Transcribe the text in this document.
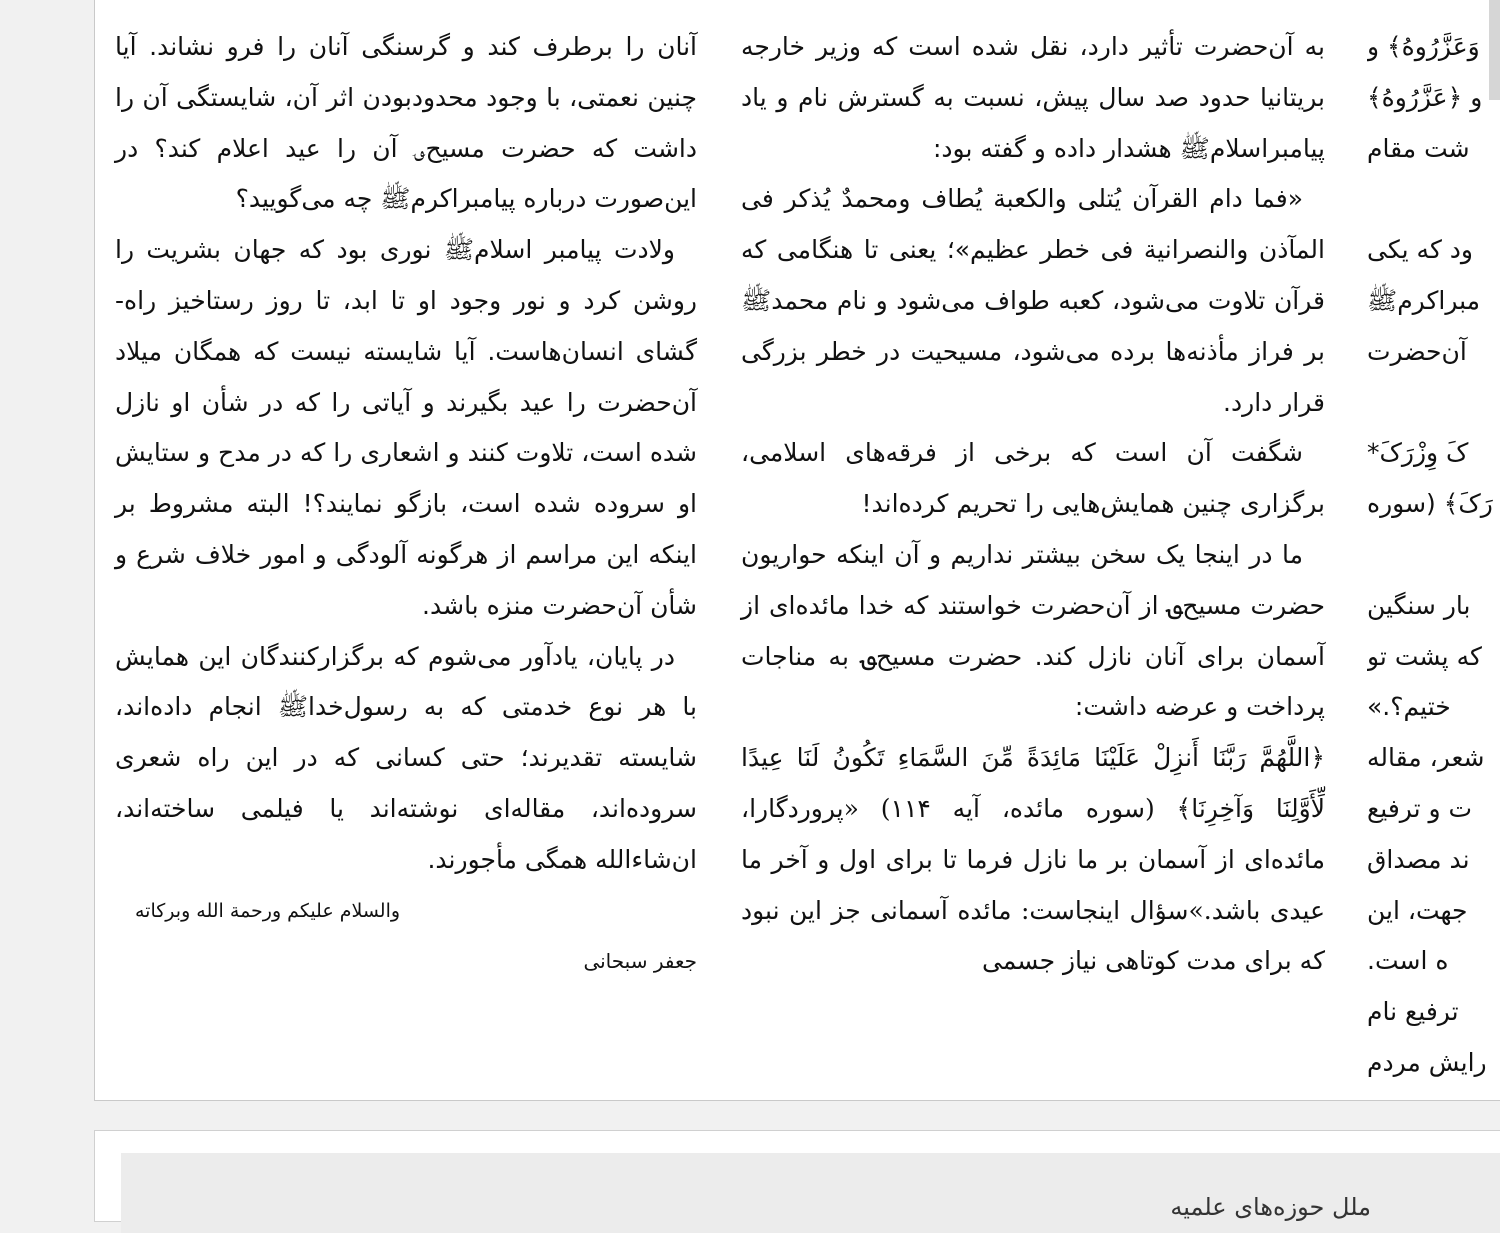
وَعَزَّرُوهُ﴾ و

و ﴿عَزَّرُوهُ﴾

شت مقام

ود که یکی

مبراکرمﷺ

آن‌حضرت

کَ وِزْرَکَ*

رَکَ﴾ (سوره

بار سنگین

که پشت تو

ختیم؟.»

شعر، مقاله

ت و ترفیع

ند مصداق

جهت، این

ه است.

ترفیع نام

رایش مردم

به آن‌حضرت تأثیر دارد، نقل شده است که وزیر خارجه بریتانیا حدود صد سال پیش، نسبت به گسترش نام و یاد پیامبراسلامﷺ هشدار داده و گفته بود:

«فما دام القرآن یُتلی والکعبة یُطاف ومحمدٌ یُذکر فی المآذن والنصرانیة فی خطر عظیم»؛ یعنی تا هنگامی که قرآن تلاوت می‌شود، کعبه طواف می‌شود و نام محمدﷺ بر فراز مأذنه‌ها برده می‌شود، مسیحیت در خطر بزرگی قرار دارد.

شگفت آن است که برخی از فرقه‌های اسلامی، برگزاری چنین همایش‌هایی را تحریم کرده‌اند!

ما در اینجا یک سخن بیشتر نداریم و آن اینکه حواریون حضرت مسیح؈ از آن‌حضرت خواستند که خدا مائده‌ای از آسمان برای آنان نازل کند. حضرت مسیح؈ به مناجات پرداخت و عرضه داشت:

﴿اللَّهُمَّ رَبَّنَا أَنزِلْ عَلَيْنَا مَائِدَةً مِّنَ السَّمَاءِ تَكُونُ لَنَا عِيدًا لِّأَوَّلِنَا وَآخِرِنَا﴾ (سوره مائده، آیه ۱۱۴) «پروردگارا، مائده‌ای از آسمان بر ما نازل فرما تا برای اول و آخر ما عیدی باشد.»سؤال اینجاست: مائده آسمانی جز این نبود که برای مدت کوتاهی نیاز جسمی

آنان را برطرف کند و گرسنگی آنان را فرو نشاند. آیا چنین نعمتی، با وجود محدودبودن اثر آن، شایستگی آن را داشت که حضرت مسیح؈ آن را عید اعلام کند؟ در این‌صورت درباره پیامبراکرمﷺ چه می‌گویید؟

ولادت پیامبر اسلامﷺ نوری بود که جهان بشریت را روشن کرد و نور وجود او تا ابد، تا روز رستاخیز راه-گشای انسان‌هاست. آیا شایسته نیست که همگان میلاد آن‌حضرت را عید بگیرند و آیاتی را که در شأن او نازل شده است، تلاوت کنند و اشعاری را که در مدح و ستایش او سروده شده است، بازگو نمایند؟! البته مشروط بر اینکه این مراسم از هرگونه آلودگی و امور خلاف شرع و شأن آن‌حضرت منزه باشد.

در پایان، یادآور می‌شوم که برگزارکنندگان این همایش با هر نوع خدمتی که به رسول‌خداﷺ انجام داده‌اند، شایسته تقدیرند؛ حتی کسانی که در این راه شعری سروده‌اند، مقاله‌ای نوشته‌اند یا فیلمی ساخته‌اند، ان‌شاءالله همگی مأجورند.

والسلام علیکم ورحمة الله وبرکاته

جعفر سبحانی

ملل حوزه‌های علمیه
